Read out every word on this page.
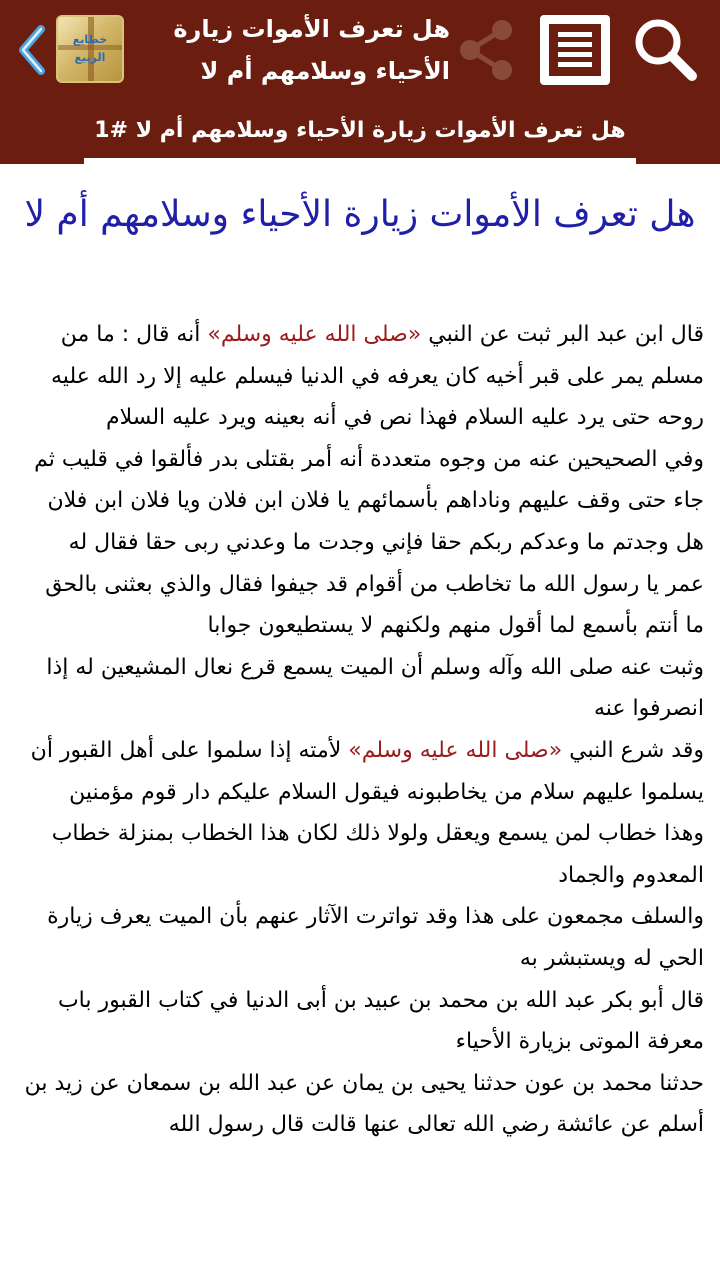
خطايع الربيع
هل تعرف الأموات زيارة الأحياء وسلامهم أم لا
هل تعرف الأموات زيارة الأحياء وسلامهم أم لا #1
هل تعرف الأموات زيارة الأحياء وسلامهم أم لا

قال ابن عبد البر ثبت عن النبي «صلى الله عليه وسلم» أنه قال : ما من مسلم يمر على قبر أخيه كان يعرفه في الدنيا فيسلم عليه إلا رد الله عليه روحه حتى يرد عليه السلام فهذا نص في أنه بعينه ويرد عليه السلام

وفي الصحيحين عنه من وجوه متعددة أنه أمر بقتلى بدر فألقوا في قليب ثم جاء حتى وقف عليهم وناداهم بأسمائهم يا فلان ابن فلان ويا فلان ابن فلان هل وجدتم ما وعدكم ربكم حقا فإني وجدت ما وعدني ربى حقا فقال له عمر يا رسول الله ما تخاطب من أقوام قد جيفوا فقال والذي بعثنى بالحق ما أنتم بأسمع لما أقول منهم ولكنهم لا يستطيعون جوابا

وثبت عنه صلى الله وآله وسلم أن الميت يسمع قرع نعال المشيعين له إذا انصرفوا عنه

وقد شرع النبي «صلى الله عليه وسلم» لأمته إذا سلموا على أهل القبور أن يسلموا عليهم سلام من يخاطبونه فيقول السلام عليكم دار قوم مؤمنين وهذا خطاب لمن يسمع ويعقل ولولا ذلك لكان هذا الخطاب بمنزلة خطاب المعدوم والجماد

والسلف مجمعون على هذا وقد تواترت الآثار عنهم بأن الميت يعرف زيارة الحي له ويستبشر به

قال أبو بكر عبد الله بن محمد بن عبيد بن أبى الدنيا في كتاب القبور باب معرفة الموتى بزيارة الأحياء

حدثنا محمد بن عون حدثنا يحيى بن يمان عن عبد الله بن سمعان عن زيد بن أسلم عن عائشة رضي الله تعالى عنها قالت قال رسول الله
